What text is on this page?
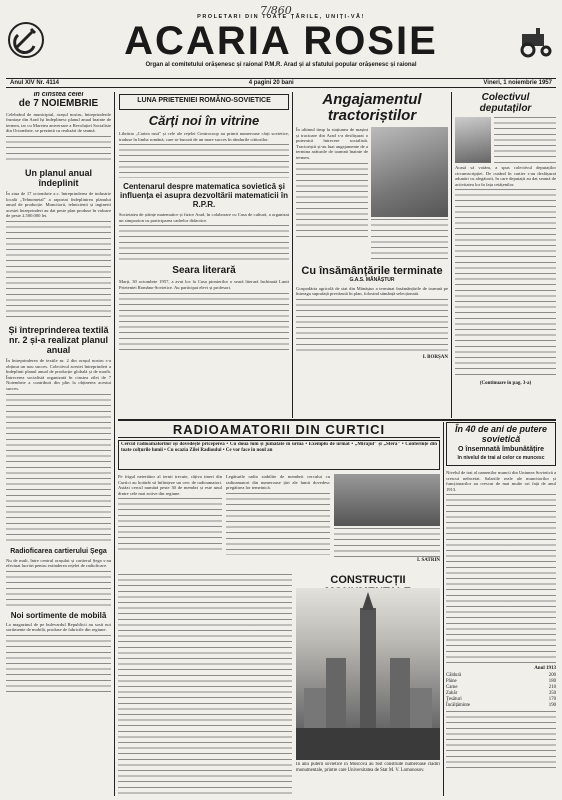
7/860
PROLETARI DIN TOATE ȚĂRILE, UNIȚI-VĂ!
ACARIA ROSIE
Organ al comitetului orășenesc și raional P.M.R. Arad și al sfatului popular orășenesc și raional
Anul XIV Nr. 4114	4 pagini 20 bani	Vineri, 1 noiembrie 1957
În cinstea celei
de 7 NOIEMBRIE
Celebrând de municipiul, orașul nostru, întreprinderile fruntașe din Arad își îndeplinesc planul anual înainte de termen, iar cu Maretea aniversare a Revoluției Socialiste din Octombrie, se prezintă cu realizări de seamă.
Un planul anual îndeplinit
În ziua de 17 octombrie a.c. întreprinderea de industrie locală „Tehnometal" a raportat îndeplinirea planului anual de producție. Muncitorii, tehnicienii și inginerii acestei întreprinderi au dat peste plan produse în valoare de peste 2.500.000 lei.
Și întreprinderea textilă nr. 2 și-a realizat planul anual
În întreprinderea de textile nr. 2 din orașul nostru s-a obținut un nou succes. Colectivul acestei întreprinderi a îndeplinit planul anual de producție globală și de marfă. Întrecerea socialistă organizată în cinstea zilei de 7 Noiembrie a contribuit din plin la obținerea acestui succes.
Radioficarea cartierului Șega
Nu de mult, între centrul orașului și cartierul Șega s-au efectuat lucrări pentru extinderea rețelei de radioficare.
Noi sortimente de mobilă
La magazinul de pe bulevardul Republicii au sosit noi sortimente de mobilă, produse de fabricile din regiune.
LUNA PRIETENIEI ROMÂNO-SOVIETICE
Cărți noi în vitrine
Librăria „Cartea rusă" și cele ale rețelei Centrocoop au primit numeroase cărți sovietice, traduse în limba română, care se bucură de un mare succes în rândurile cititorilor.
Centenarul despre matematica sovietică și influența ei asupra dezvoltării matematicii în R.P.R.
Societatea de științe matematice și fizice Arad, în colaborare cu Casa de cultură, a organizat un simpozion cu participarea cadrelor didactice.
Seara literară
Marți, 30 octombrie 1957, a avut loc la Casa pionierilor o seară literară închinată Lunii Prieteniei Româno-Sovietice. Au participat elevi și profesori.
Angajamentul tractoriștilor
În ultimul timp la stațiunea de mașini și tractoare din Arad s-a desfășurat o puternică întrecere socialistă. Tractoriștii și-au luat angajamente de a termina arăturile de toamnă înainte de termen.
Cu însămânțările terminate
G.A.S. MĂNĂȘTUR
Gospodăria agricolă de stat din Mănăștur a terminat însămânțările de toamnă pe întreaga suprafață prevăzută în plan, folosind sămânță selecționată.
I. BORȘAN
Colectivul deputaților
Acasă să votăm, a spus colectivul deputaților circumscripției. De curând în cartier s-au desfășurat adunări cu alegătorii, în care deputații au dat seamă de activitatea lor în fața cetățenilor.
(Continuare în pag. 3-a)
RADIOAMATORII DIN CURTICI
Cercul radioamatorilor își dovedește priceperea • Cu două luni și jumătate în urmă • Exemplu de urmat • „Mirajul" și „Sfera" • Conferințe din toate colțurile lumii • Cu ocazia Zilei Radioului • Ce vor face în noul an
Pe frigul neiertător al iernii trecute, câțiva tineri din Curtici au hotărât să înființeze un cerc de radioamatori. Astăzi cercul numără peste 30 de membri și este unul dintre cele mai active din regiune.
Legăturile radio stabilite de membrii cercului cu radioamatori din numeroase țări ale lumii dovedesc pregătirea lor temeinică.
I. SATRIN
CONSTRUCȚII
În anii puterii sovietice în Moscova au fost construite numeroase clădiri monumentale, printre care Universitatea de Stat M. V. Lomonosov.
În 40 de ani de putere sovietică
O însemnată îmbunătățire
în nivelul de trai al celor ce muncesc
Nivelul de trai al oamenilor muncii din Uniunea Sovietică a crescut neîncetat. Salariile reale ale muncitorilor și funcționarilor au crescut de mai multe ori față de anul 1913.
Anul 1913
Căldură	200
Pâine	180
Carne	210
Zahăr	350
Țesături	170
Încălțăminte	190
